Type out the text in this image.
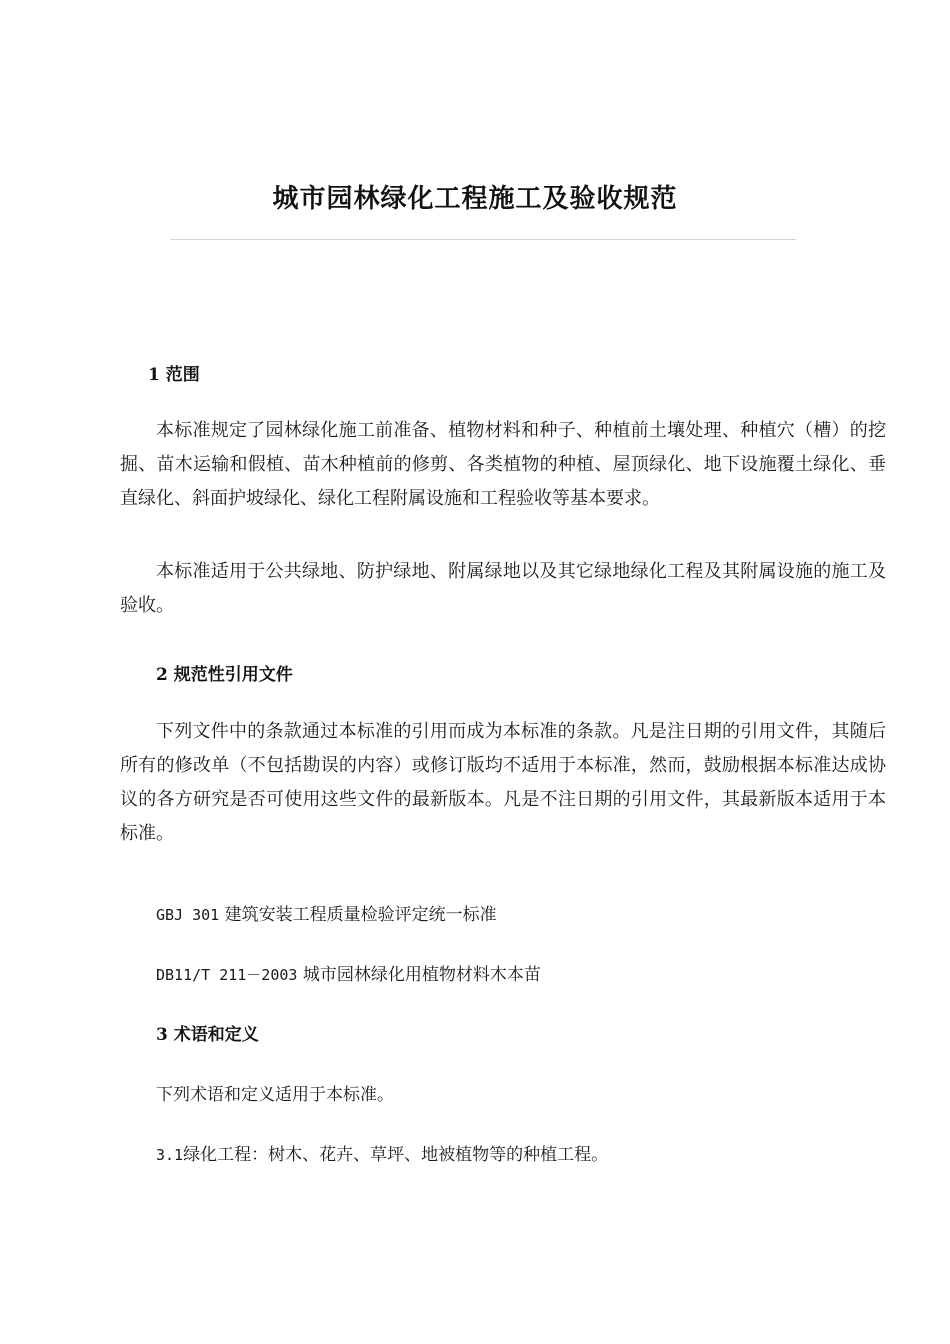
城市园林绿化工程施工及验收规范
1 范围
本标准规定了园林绿化施工前准备、植物材料和种子、种植前土壤处理、种植穴（槽）的挖掘、苗木运输和假植、苗木种植前的修剪、各类植物的种植、屋顶绿化、地下设施覆土绿化、垂直绿化、斜面护坡绿化、绿化工程附属设施和工程验收等基本要求。
本标准适用于公共绿地、防护绿地、附属绿地以及其它绿地绿化工程及其附属设施的施工及验收。
2 规范性引用文件
下列文件中的条款通过本标准的引用而成为本标准的条款。凡是注日期的引用文件，其随后所有的修改单（不包括勘误的内容）或修订版均不适用于本标准，然而，鼓励根据本标准达成协议的各方研究是否可使用这些文件的最新版本。凡是不注日期的引用文件，其最新版本适用于本标准。
GBJ 301 建筑安装工程质量检验评定统一标准
DB11/T 211－2003 城市园林绿化用植物材料木本苗
3 术语和定义
下列术语和定义适用于本标准。
3.1绿化工程：树木、花卉、草坪、地被植物等的种植工程。
